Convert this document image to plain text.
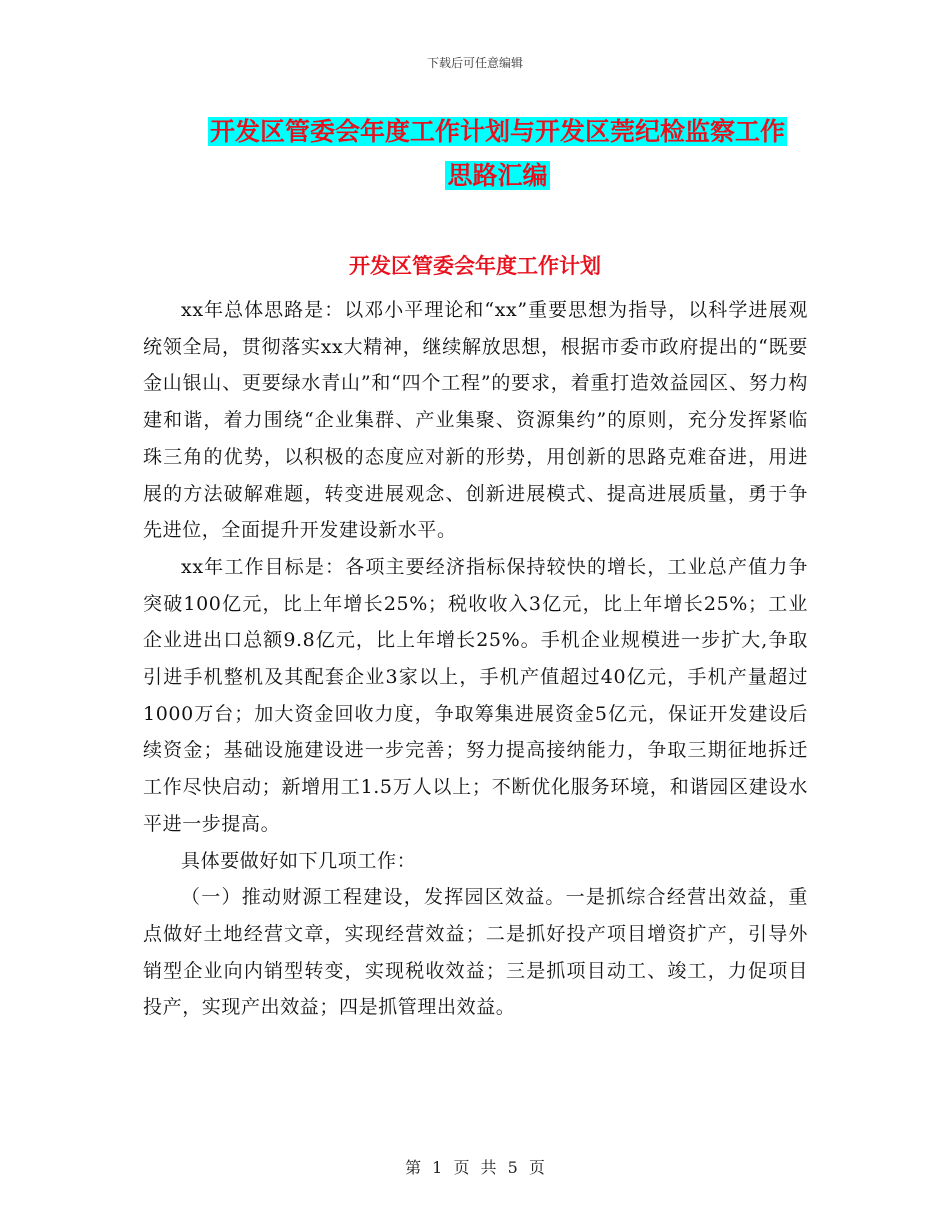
下载后可任意编辑
开发区管委会年度工作计划与开发区莞纪检监察工作
思路汇编
开发区管委会年度工作计划

xx年总体思路是：以邓小平理论和“xx”重要思想为指导，以科学进展观统领全局，贯彻落实xx大精神，继续解放思想，根据市委市政府提出的“既要金山银山、更要绿水青山”和“四个工程”的要求，着重打造效益园区、努力构建和谐，着力围绕“企业集群、产业集聚、资源集约”的原则，充分发挥紧临珠三角的优势，以积极的态度应对新的形势，用创新的思路克难奋进，用进展的方法破解难题，转变进展观念、创新进展模式、提高进展质量，勇于争先进位，全面提升开发建设新水平。

xx年工作目标是：各项主要经济指标保持较快的增长，工业总产值力争突破100亿元，比上年增长25%；税收收入3亿元，比上年增长25%；工业企业进出口总额9.8亿元，比上年增长25%。手机企业规模进一步扩大,争取引进手机整机及其配套企业3家以上，手机产值超过40亿元，手机产量超过1000万台；加大资金回收力度，争取筹集进展资金5亿元，保证开发建设后续资金；基础设施建设进一步完善；努力提高接纳能力，争取三期征地拆迁工作尽快启动；新增用工1.5万人以上；不断优化服务环境，和谐园区建设水平进一步提高。

具体要做好如下几项工作：

（一）推动财源工程建设，发挥园区效益。一是抓综合经营出效益，重点做好土地经营文章，实现经营效益；二是抓好投产项目增资扩产，引导外销型企业向内销型转变，实现税收效益；三是抓项目动工、竣工，力促项目投产，实现产出效益；四是抓管理出效益。

第 1 页 共 5 页
